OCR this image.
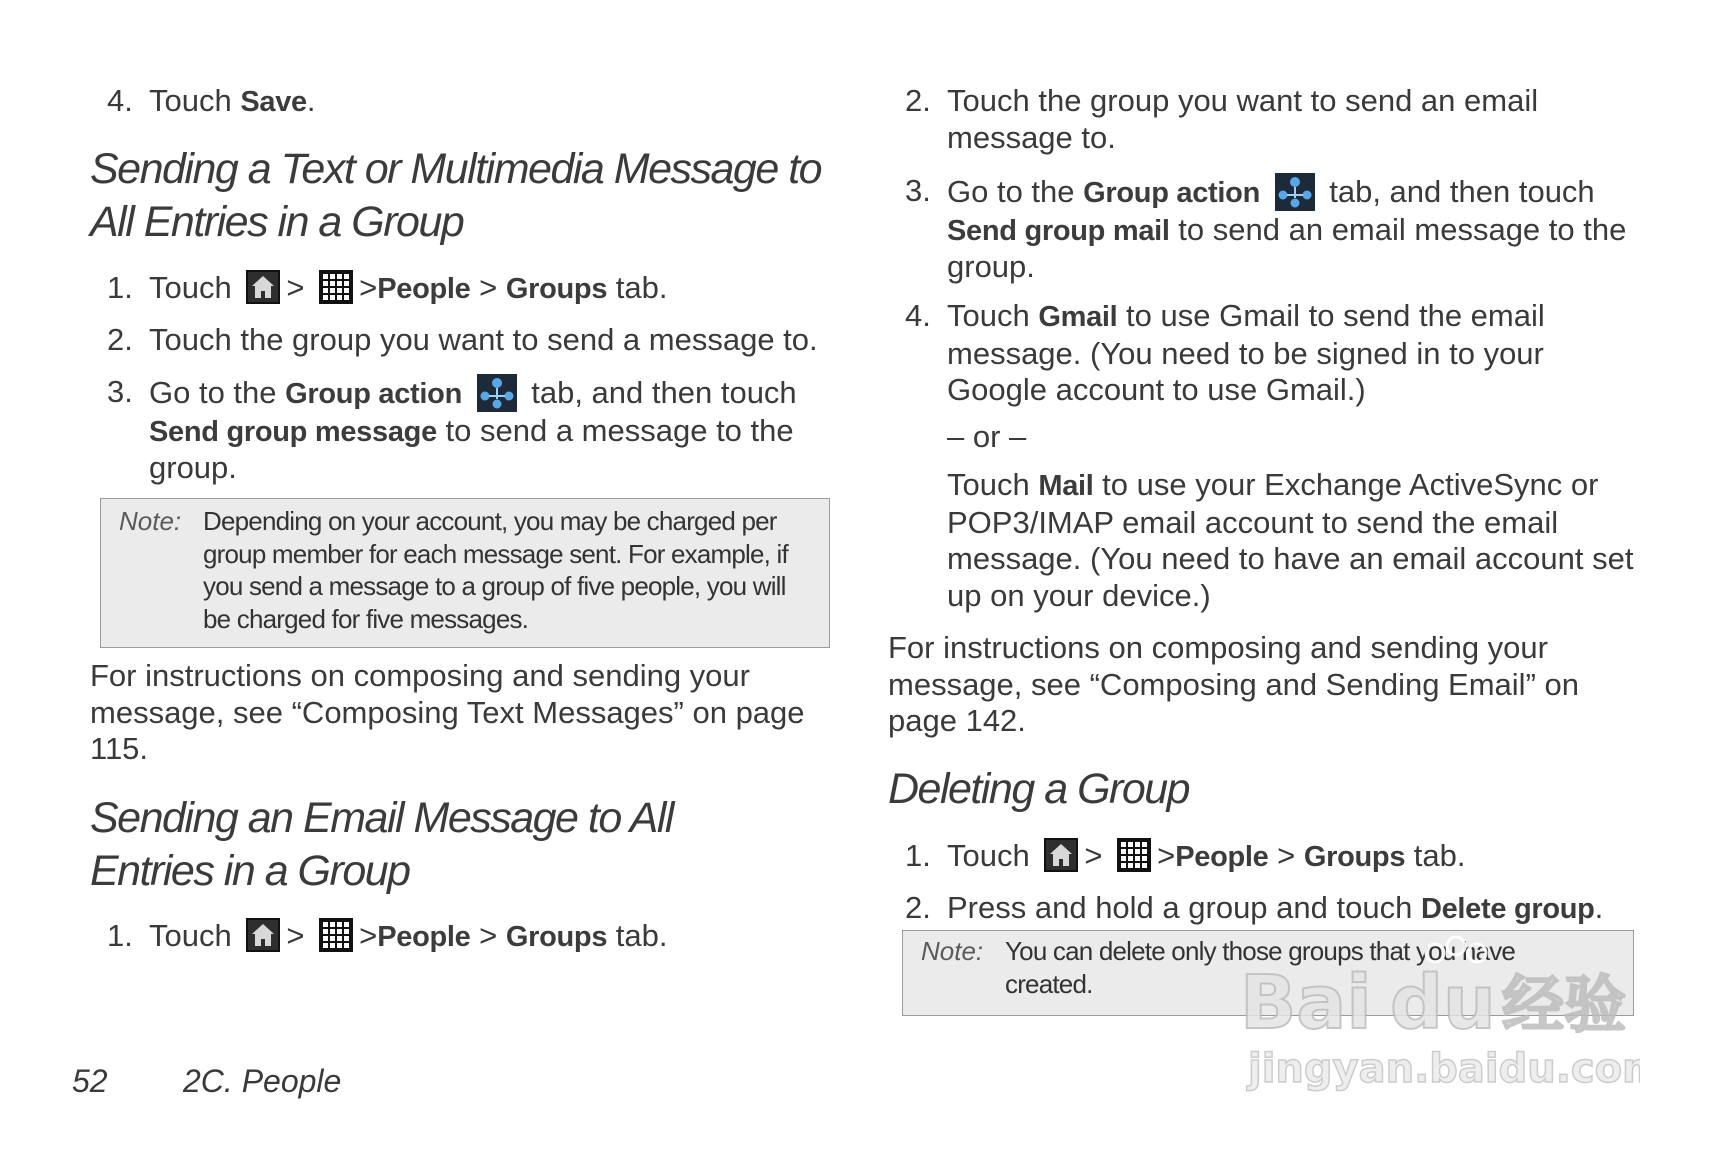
4. Touch Save.
Sending a Text or Multimedia Message to
All Entries in a Group
1. Touch > >People > Groups tab.
2. Touch the group you want to send a message to.
3. Go to the Group action
tab, and then touch
Send group message to send a message to the
group.
Note: Depending on your account, you may be charged per
group member for each message sent. For example, if
you send a message to a group of five people, you will
be charged for five messages.
For instructions on composing and sending your
message, see “Composing Text Messages” on page
115.
Sending an Email Message to All
Entries in a Group
1. Touch > >People > Groups tab.
2. Touch the group you want to send an email
message to.
3. Go to the Group action
tab, and then touch
Send group mail to send an email message to the
group.
4. Touch Gmail to use Gmail to send the email
message. (You need to be signed in to your
Google account to use Gmail.)
– or –
Touch Mail to use your Exchange ActiveSync or
POP3/IMAP email account to send the email
message. (You need to have an email account set
up on your device.)
For instructions on composing and sending your
message, see “Composing and Sending Email” on
page 142.
Deleting a Group
1. Touch > >People > Groups tab.
2. Press and hold a group and touch Delete group.
Note: You can delete only those groups that you have
created.
52 2C. People
Bai du 经验
jingyan.baidu.com
